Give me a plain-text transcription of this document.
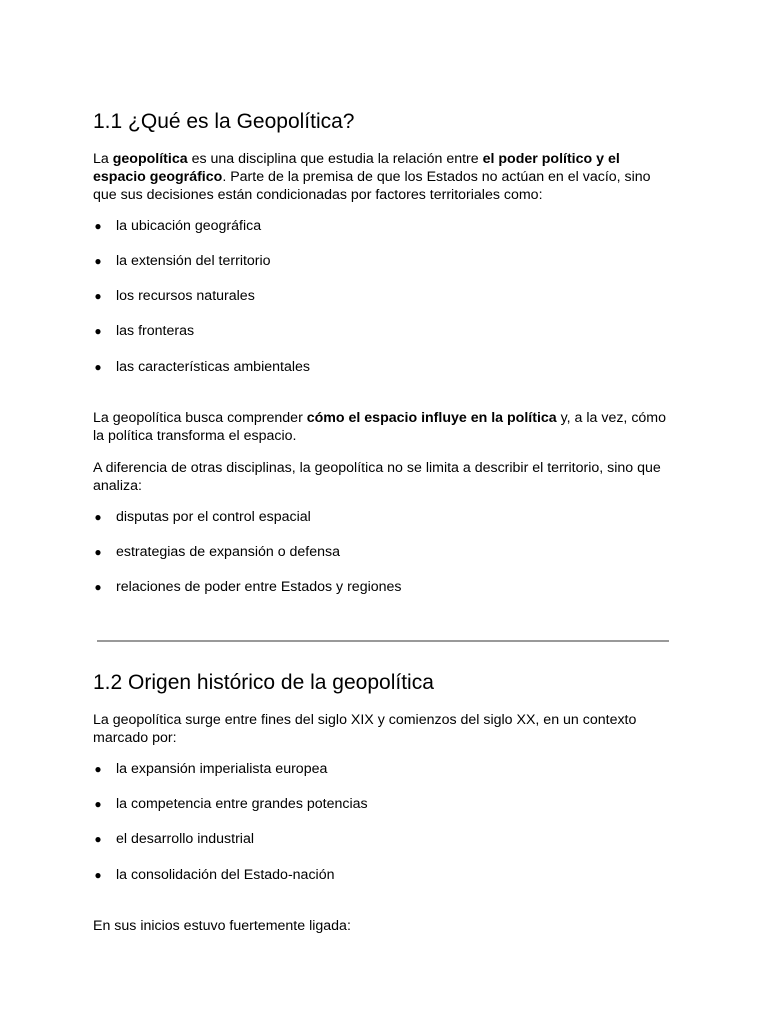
1.1 ¿Qué es la Geopolítica?

La geopolítica es una disciplina que estudia la relación entre el poder político y el espacio geográfico. Parte de la premisa de que los Estados no actúan en el vacío, sino que sus decisiones están condicionadas por factores territoriales como:

● la ubicación geográfica
● la extensión del territorio
● los recursos naturales
● las fronteras
● las características ambientales

La geopolítica busca comprender cómo el espacio influye en la política y, a la vez, cómo la política transforma el espacio.

A diferencia de otras disciplinas, la geopolítica no se limita a describir el territorio, sino que analiza:

● disputas por el control espacial
● estrategias de expansión o defensa
● relaciones de poder entre Estados y regiones
1.2 Origen histórico de la geopolítica

La geopolítica surge entre fines del siglo XIX y comienzos del siglo XX, en un contexto marcado por:

● la expansión imperialista europea
● la competencia entre grandes potencias
● el desarrollo industrial
● la consolidación del Estado-nación

En sus inicios estuvo fuertemente ligada:
